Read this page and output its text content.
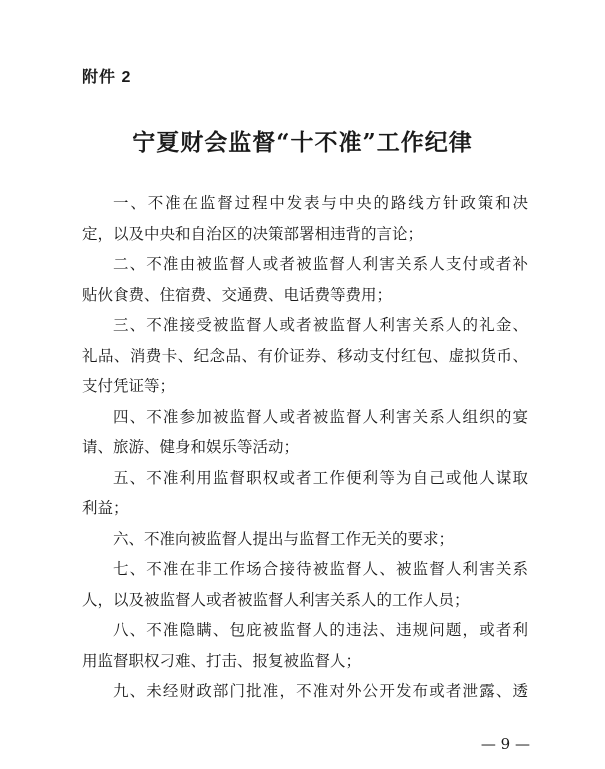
附件 2
宁夏财会监督“十不准”工作纪律
一、不准在监督过程中发表与中央的路线方针政策和决
定，以及中央和自治区的决策部署相违背的言论；
二、不准由被监督人或者被监督人利害关系人支付或者补
贴伙食费、住宿费、交通费、电话费等费用；
三、不准接受被监督人或者被监督人利害关系人的礼金、
礼品、消费卡、纪念品、有价证券、移动支付红包、虚拟货币、
支付凭证等；
四、不准参加被监督人或者被监督人利害关系人组织的宴
请、旅游、健身和娱乐等活动；
五、不准利用监督职权或者工作便利等为自己或他人谋取
利益；
六、不准向被监督人提出与监督工作无关的要求；
七、不准在非工作场合接待被监督人、被监督人利害关系
人，以及被监督人或者被监督人利害关系人的工作人员；
八、不准隐瞒、包庇被监督人的违法、违规问题，或者利
用监督职权刁难、打击、报复被监督人；
九、未经财政部门批准，不准对外公开发布或者泄露、透
— 9 —
